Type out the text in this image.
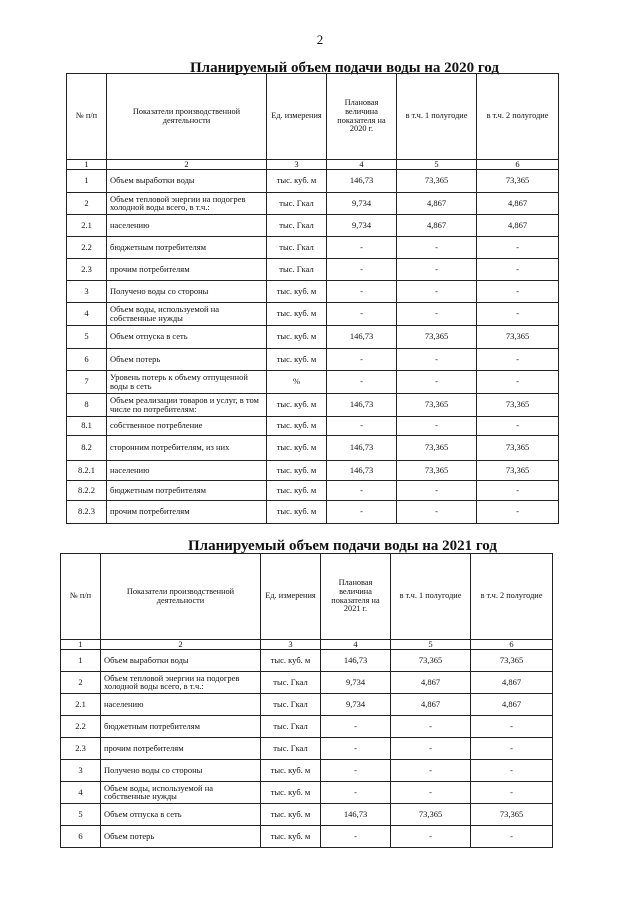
2
Планируемый объем подачи воды на 2020 год
№ п/п	Показатели производственной деятельности	Ед. измерения	Плановая величина показателя на 2020 г.	в т.ч. 1 полугодие	в т.ч. 2 полугодие
1	2	3	4	5	6
1	Объем выработки воды	тыс. куб. м	146,73	73,365	73,365
2	Объем тепловой энергии на подогрев холодной воды всего, в т.ч.:	тыс. Гкал	9,734	4,867	4,867
2.1	населению	тыс. Гкал	9,734	4,867	4,867
2.2	бюджетным потребителям	тыс. Гкал	-	-	-
2.3	прочим потребителям	тыс. Гкал	-	-	-
3	Получено воды со стороны	тыс. куб. м	-	-	-
4	Объем воды, используемой на собственные нужды	тыс. куб. м	-	-	-
5	Объем отпуска в сеть	тыс. куб. м	146,73	73,365	73,365
6	Объем потерь	тыс. куб. м	-	-	-
7	Уровень потерь к объему отпущенной воды в сеть	%	-	-	-
8	Объем реализации товаров и услуг, в том числе по потребителям:	тыс. куб. м	146,73	73,365	73,365
8.1	собственное потребление	тыс. куб. м	-	-	-
8.2	сторонним потребителям, из них	тыс. куб. м	146,73	73,365	73,365
8.2.1	населению	тыс. куб. м	146,73	73,365	73,365
8.2.2	бюджетным потребителям	тыс. куб. м	-	-	-
8.2.3	прочим потребителям	тыс. куб. м	-	-	-
Планируемый объем подачи воды на 2021 год
№ п/п	Показатели производственной деятельности	Ед. измерения	Плановая величина показателя на 2021 г.	в т.ч. 1 полугодие	в т.ч. 2 полугодие
1	2	3	4	5	6
1	Объем выработки воды	тыс. куб. м	146,73	73,365	73,365
2	Объем тепловой энергии на подогрев холодной воды всего, в т.ч.:	тыс. Гкал	9,734	4,867	4,867
2.1	населению	тыс. Гкал	9,734	4,867	4,867
2.2	бюджетным потребителям	тыс. Гкал	-	-	-
2.3	прочим потребителям	тыс. Гкал	-	-	-
3	Получено воды со стороны	тыс. куб. м	-	-	-
4	Объем воды, используемой на собственные нужды	тыс. куб. м	-	-	-
5	Объем отпуска в сеть	тыс. куб. м	146,73	73,365	73,365
6	Объем потерь	тыс. куб. м	-	-	-
